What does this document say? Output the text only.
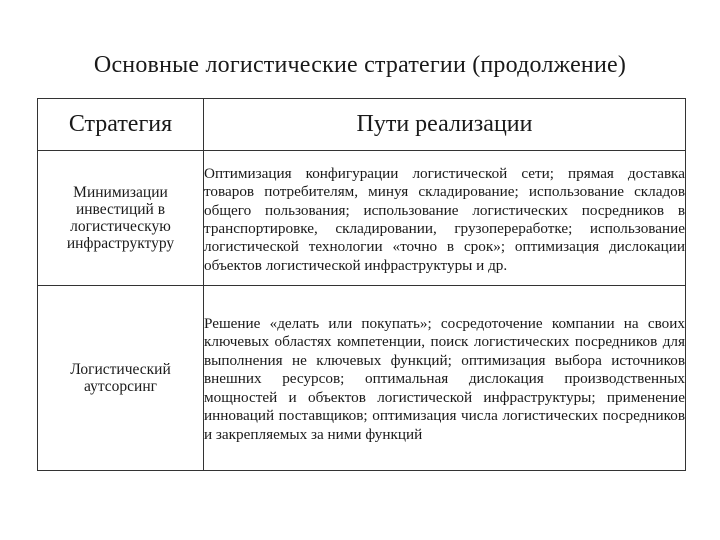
Основные логистические стратегии (продолжение)
Стратегия	Пути реализации
Минимизации инвестиций в логистическую инфраструктуру	Оптимизация конфигурации логистической сети; прямая доставка товаров потребителям, минуя складирование; использование складов общего пользования; использование логистических посредников в транспортировке, складировании, грузопереработке; использование логистической технологии «точно в срок»; оптимизация дислокации объектов логистической инфраструктуры и др.

Логистический аутсорсинг	Решение «делать или покупать»; сосредоточение компании на своих ключевых областях компетенции, поиск логистических посредников для выполнения не ключевых функций; оптимизация выбора источников внешних ресурсов; оптимальная дислокация производственных мощностей и объектов логистической инфраструктуры; применение инноваций поставщиков; оптимизация числа логистических посредников и закрепляемых за ними функций
